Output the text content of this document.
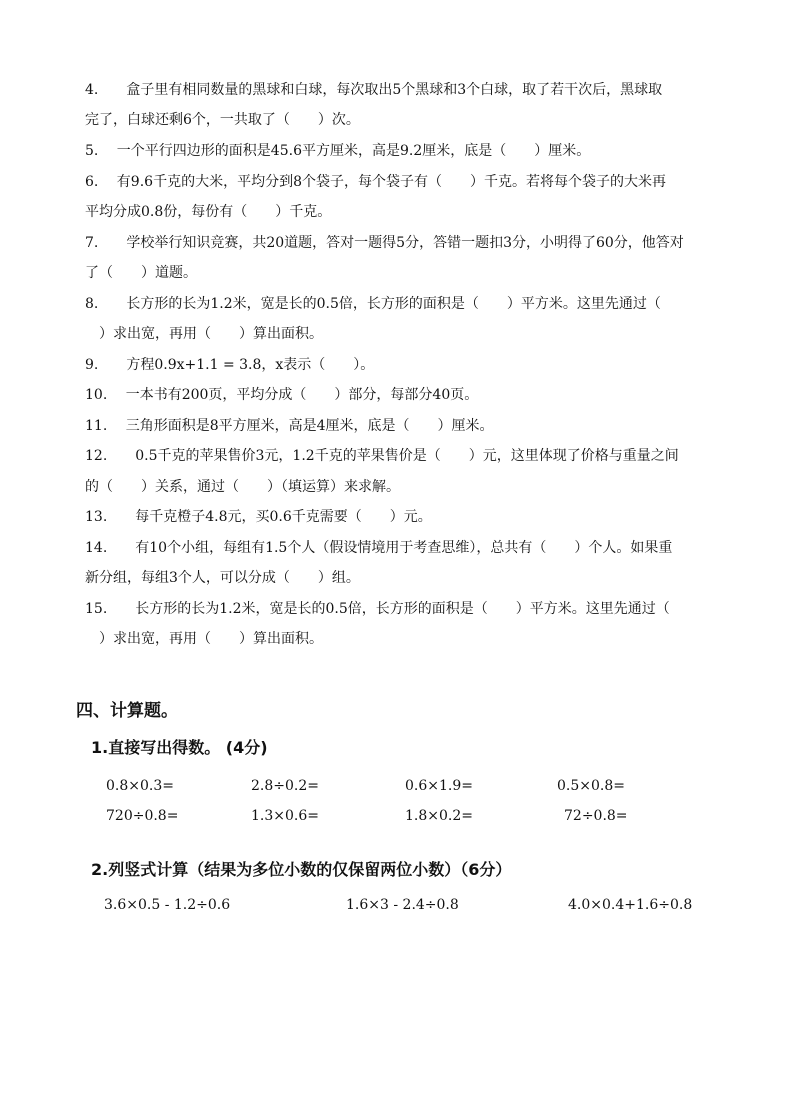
4.　　盒子里有相同数量的黑球和白球，每次取出5个黑球和3个白球，取了若干次后，黑球取
完了，白球还剩6个，一共取了（　　）次。
5.　 一个平行四边形的面积是45.6平方厘米，高是9.2厘米，底是（　　）厘米。
6.　 有9.6千克的大米，平均分到8个袋子，每个袋子有（　　）千克。若将每个袋子的大米再
平均分成0.8份，每份有（　　）千克。
7.　　学校举行知识竞赛，共20道题，答对一题得5分，答错一题扣3分，小明得了60分，他答对
了（　　）道题。
8.　　长方形的长为1.2米，宽是长的0.5倍，长方形的面积是（　　）平方米。这里先通过（
　）求出宽，再用（　　）算出面积。
9.　　方程0.9x+1.1 = 3.8，x表示（　　）。
10.　 一本书有200页，平均分成（　　）部分，每部分40页。
11.　 三角形面积是8平方厘米，高是4厘米，底是（　　）厘米。
12.　　0.5千克的苹果售价3元，1.2千克的苹果售价是（　　）元，这里体现了价格与重量之间
的（　　）关系，通过（　　）（填运算）来求解。
13.　　每千克橙子4.8元，买0.6千克需要（　　）元。
14.　　有10个小组，每组有1.5个人（假设情境用于考查思维），总共有（　　）个人。如果重
新分组，每组3个人，可以分成（　　）组。
15.　　长方形的长为1.2米，宽是长的0.5倍，长方形的面积是（　　）平方米。这里先通过（
　）求出宽，再用（　　）算出面积。
四、计算题。
1.直接写出得数。 (4分)
0.8×0.3=	2.8÷0.2=	0.6×1.9=	0.5×0.8=
720÷0.8=	1.3×0.6=	1.8×0.2=	72÷0.8=
2.列竖式计算（结果为多位小数的仅保留两位小数）（6分）
3.6×0.5 - 1.2÷0.6	1.6×3 - 2.4÷0.8	4.0×0.4+1.6÷0.8
